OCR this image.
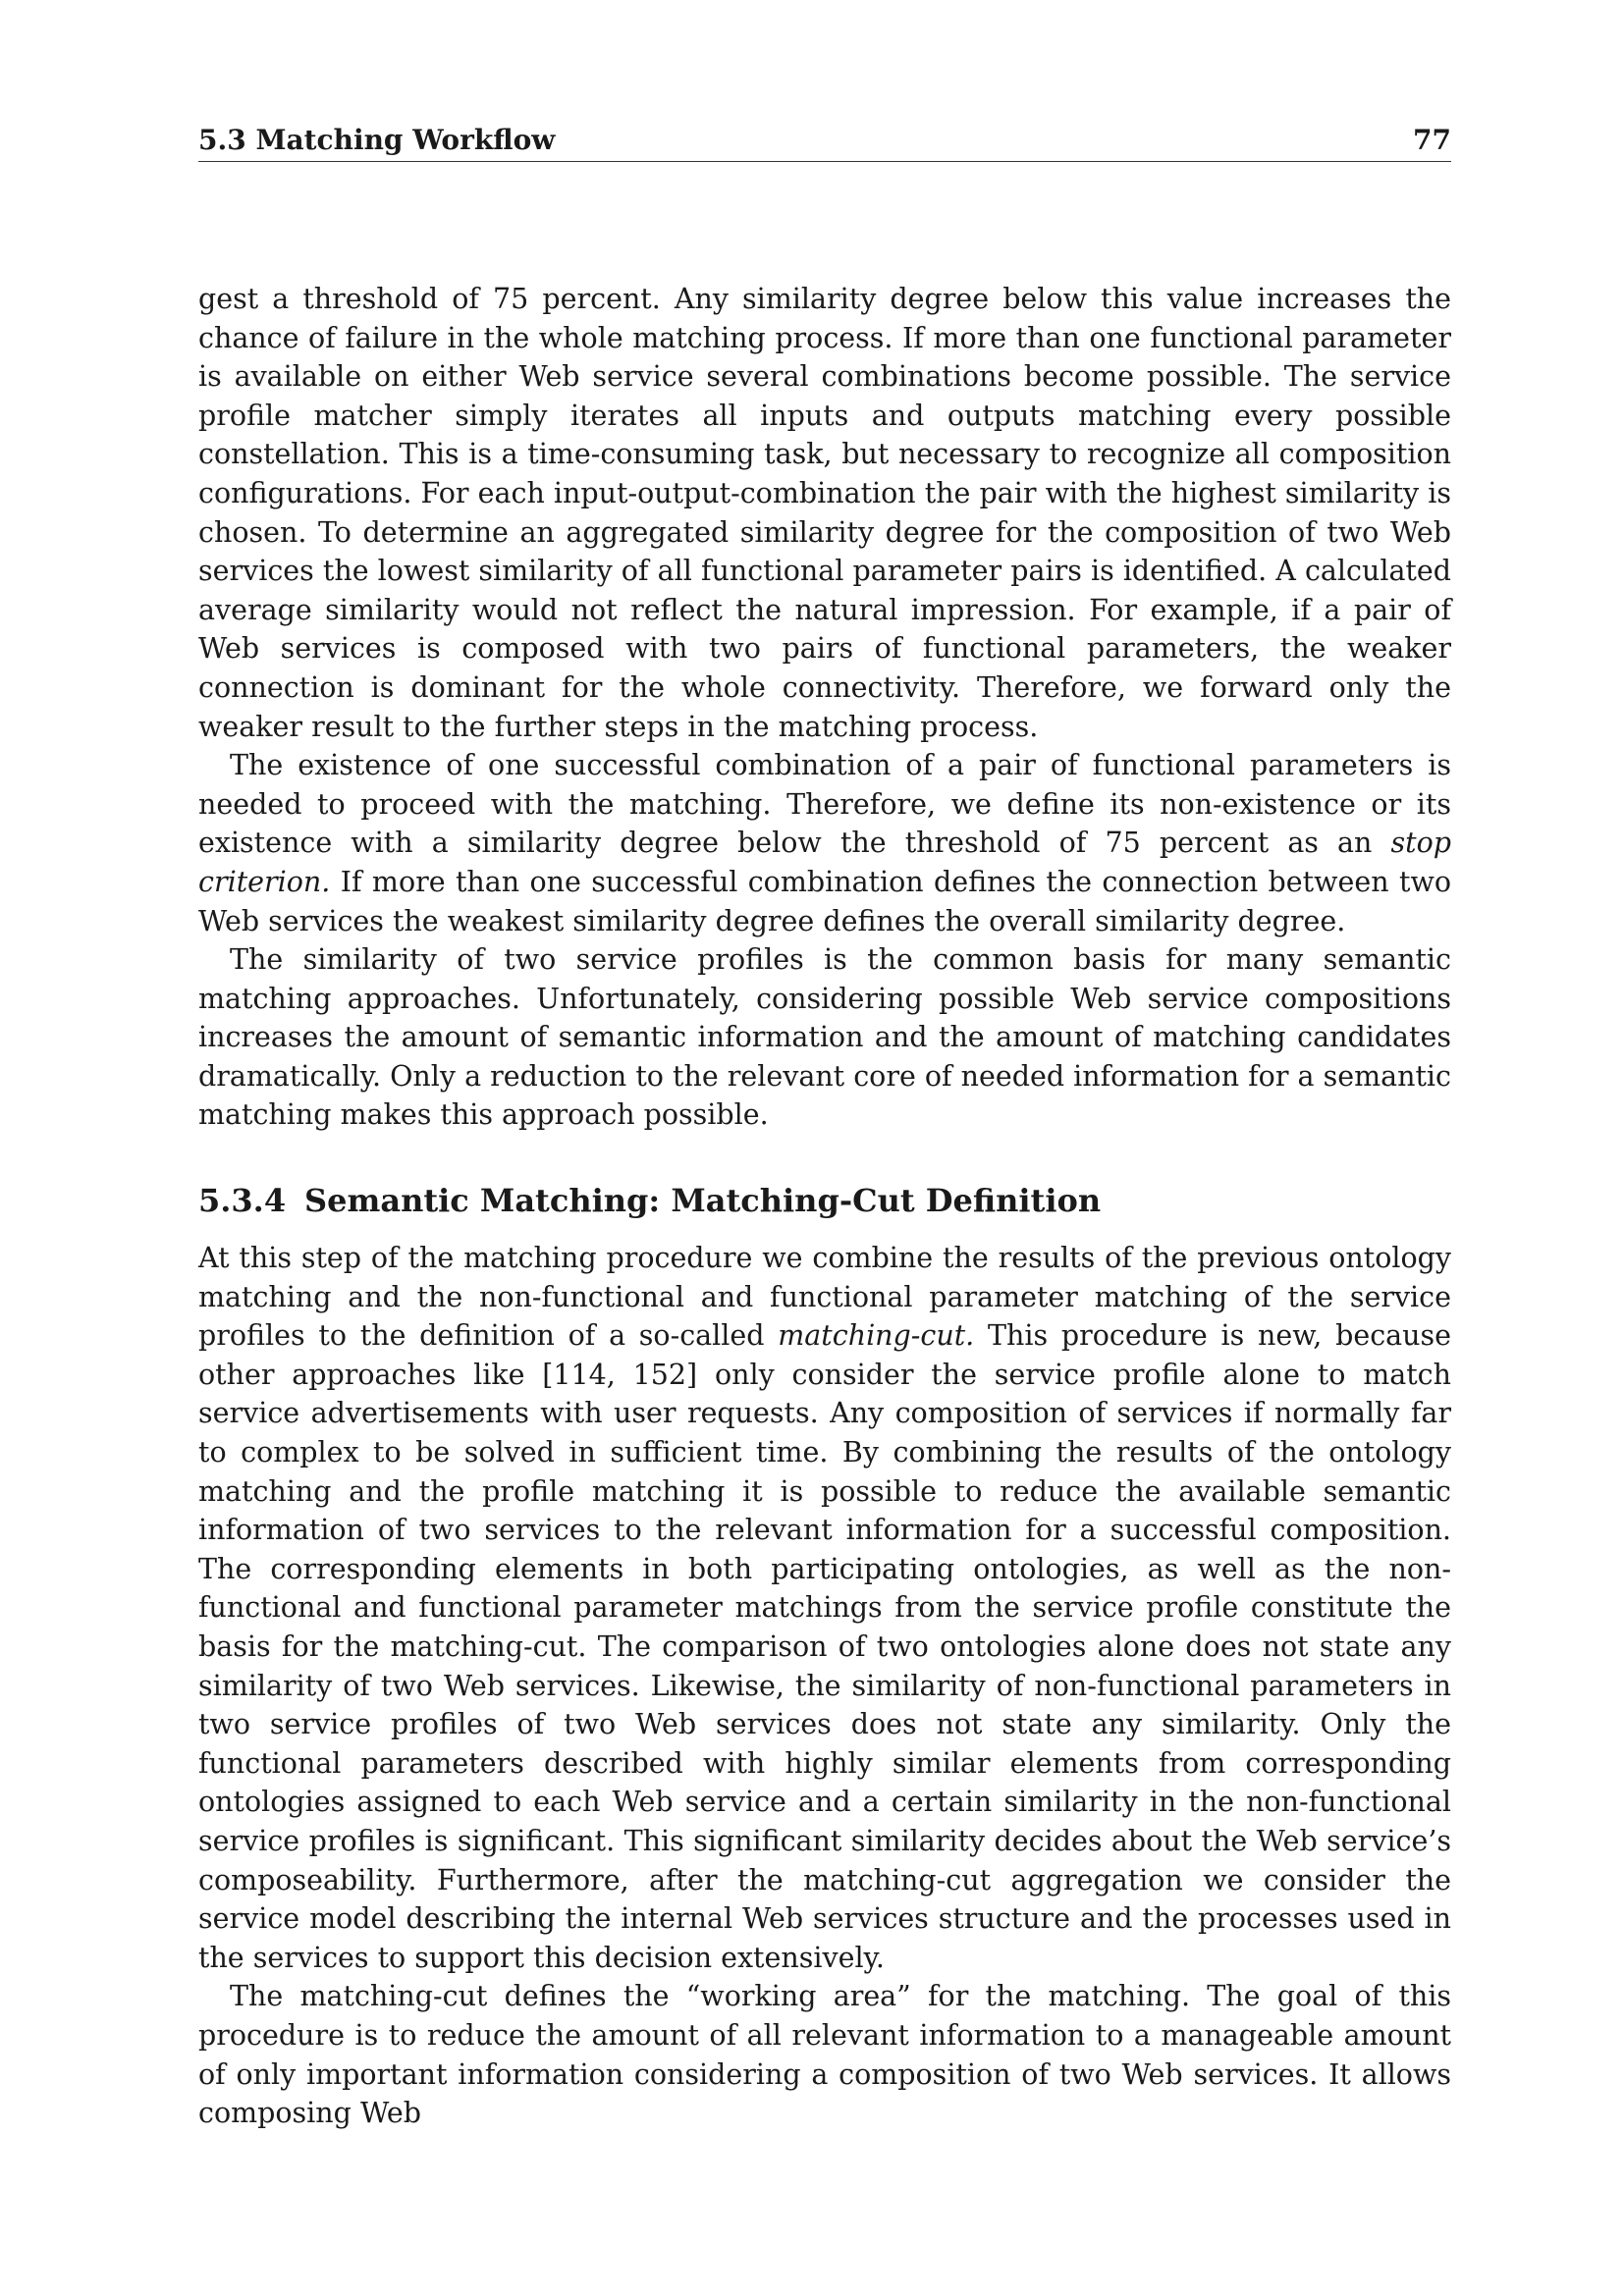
5.3 Matching Workflow	77

gest a threshold of 75 percent. Any similarity degree below this value increases the chance of failure in the whole matching process. If more than one functional parameter is available on either Web service several combinations become possible. The service profile matcher simply iterates all inputs and outputs matching every possible constellation. This is a time-consuming task, but necessary to recognize all composition configurations. For each input-output-combination the pair with the highest similarity is chosen. To determine an aggregated similarity degree for the composition of two Web services the lowest similarity of all functional parameter pairs is identified. A calculated average similarity would not reflect the natural impression. For example, if a pair of Web services is composed with two pairs of functional parameters, the weaker connection is dominant for the whole connectivity. Therefore, we forward only the weaker result to the further steps in the matching process.

The existence of one successful combination of a pair of functional parameters is needed to proceed with the matching. Therefore, we define its non-existence or its existence with a similarity degree below the threshold of 75 percent as an stop criterion. If more than one successful combination defines the connection between two Web services the weakest similarity degree defines the overall similarity degree.

The similarity of two service profiles is the common basis for many semantic matching approaches. Unfortunately, considering possible Web service compositions increases the amount of semantic information and the amount of matching candidates dramatically. Only a reduction to the relevant core of needed information for a semantic matching makes this approach possible.

5.3.4 Semantic Matching: Matching-Cut Definition

At this step of the matching procedure we combine the results of the previous ontology matching and the non-functional and functional parameter matching of the service profiles to the definition of a so-called matching-cut. This procedure is new, because other approaches like [114, 152] only consider the service profile alone to match service advertisements with user requests. Any composition of services if normally far to complex to be solved in sufficient time. By combining the results of the ontology matching and the profile matching it is possible to reduce the available semantic information of two services to the relevant information for a successful composition. The corresponding elements in both participating ontologies, as well as the non-functional and functional parameter matchings from the service profile constitute the basis for the matching-cut. The comparison of two ontologies alone does not state any similarity of two Web services. Likewise, the similarity of non-functional parameters in two service profiles of two Web services does not state any similarity. Only the functional parameters described with highly similar elements from corresponding ontologies assigned to each Web service and a certain similarity in the non-functional service profiles is significant. This significant similarity decides about the Web service’s composeability. Furthermore, after the matching-cut aggregation we consider the service model describing the internal Web services structure and the processes used in the services to support this decision extensively.

The matching-cut defines the “working area” for the matching. The goal of this procedure is to reduce the amount of all relevant information to a manageable amount of only important information considering a composition of two Web services. It allows composing Web
